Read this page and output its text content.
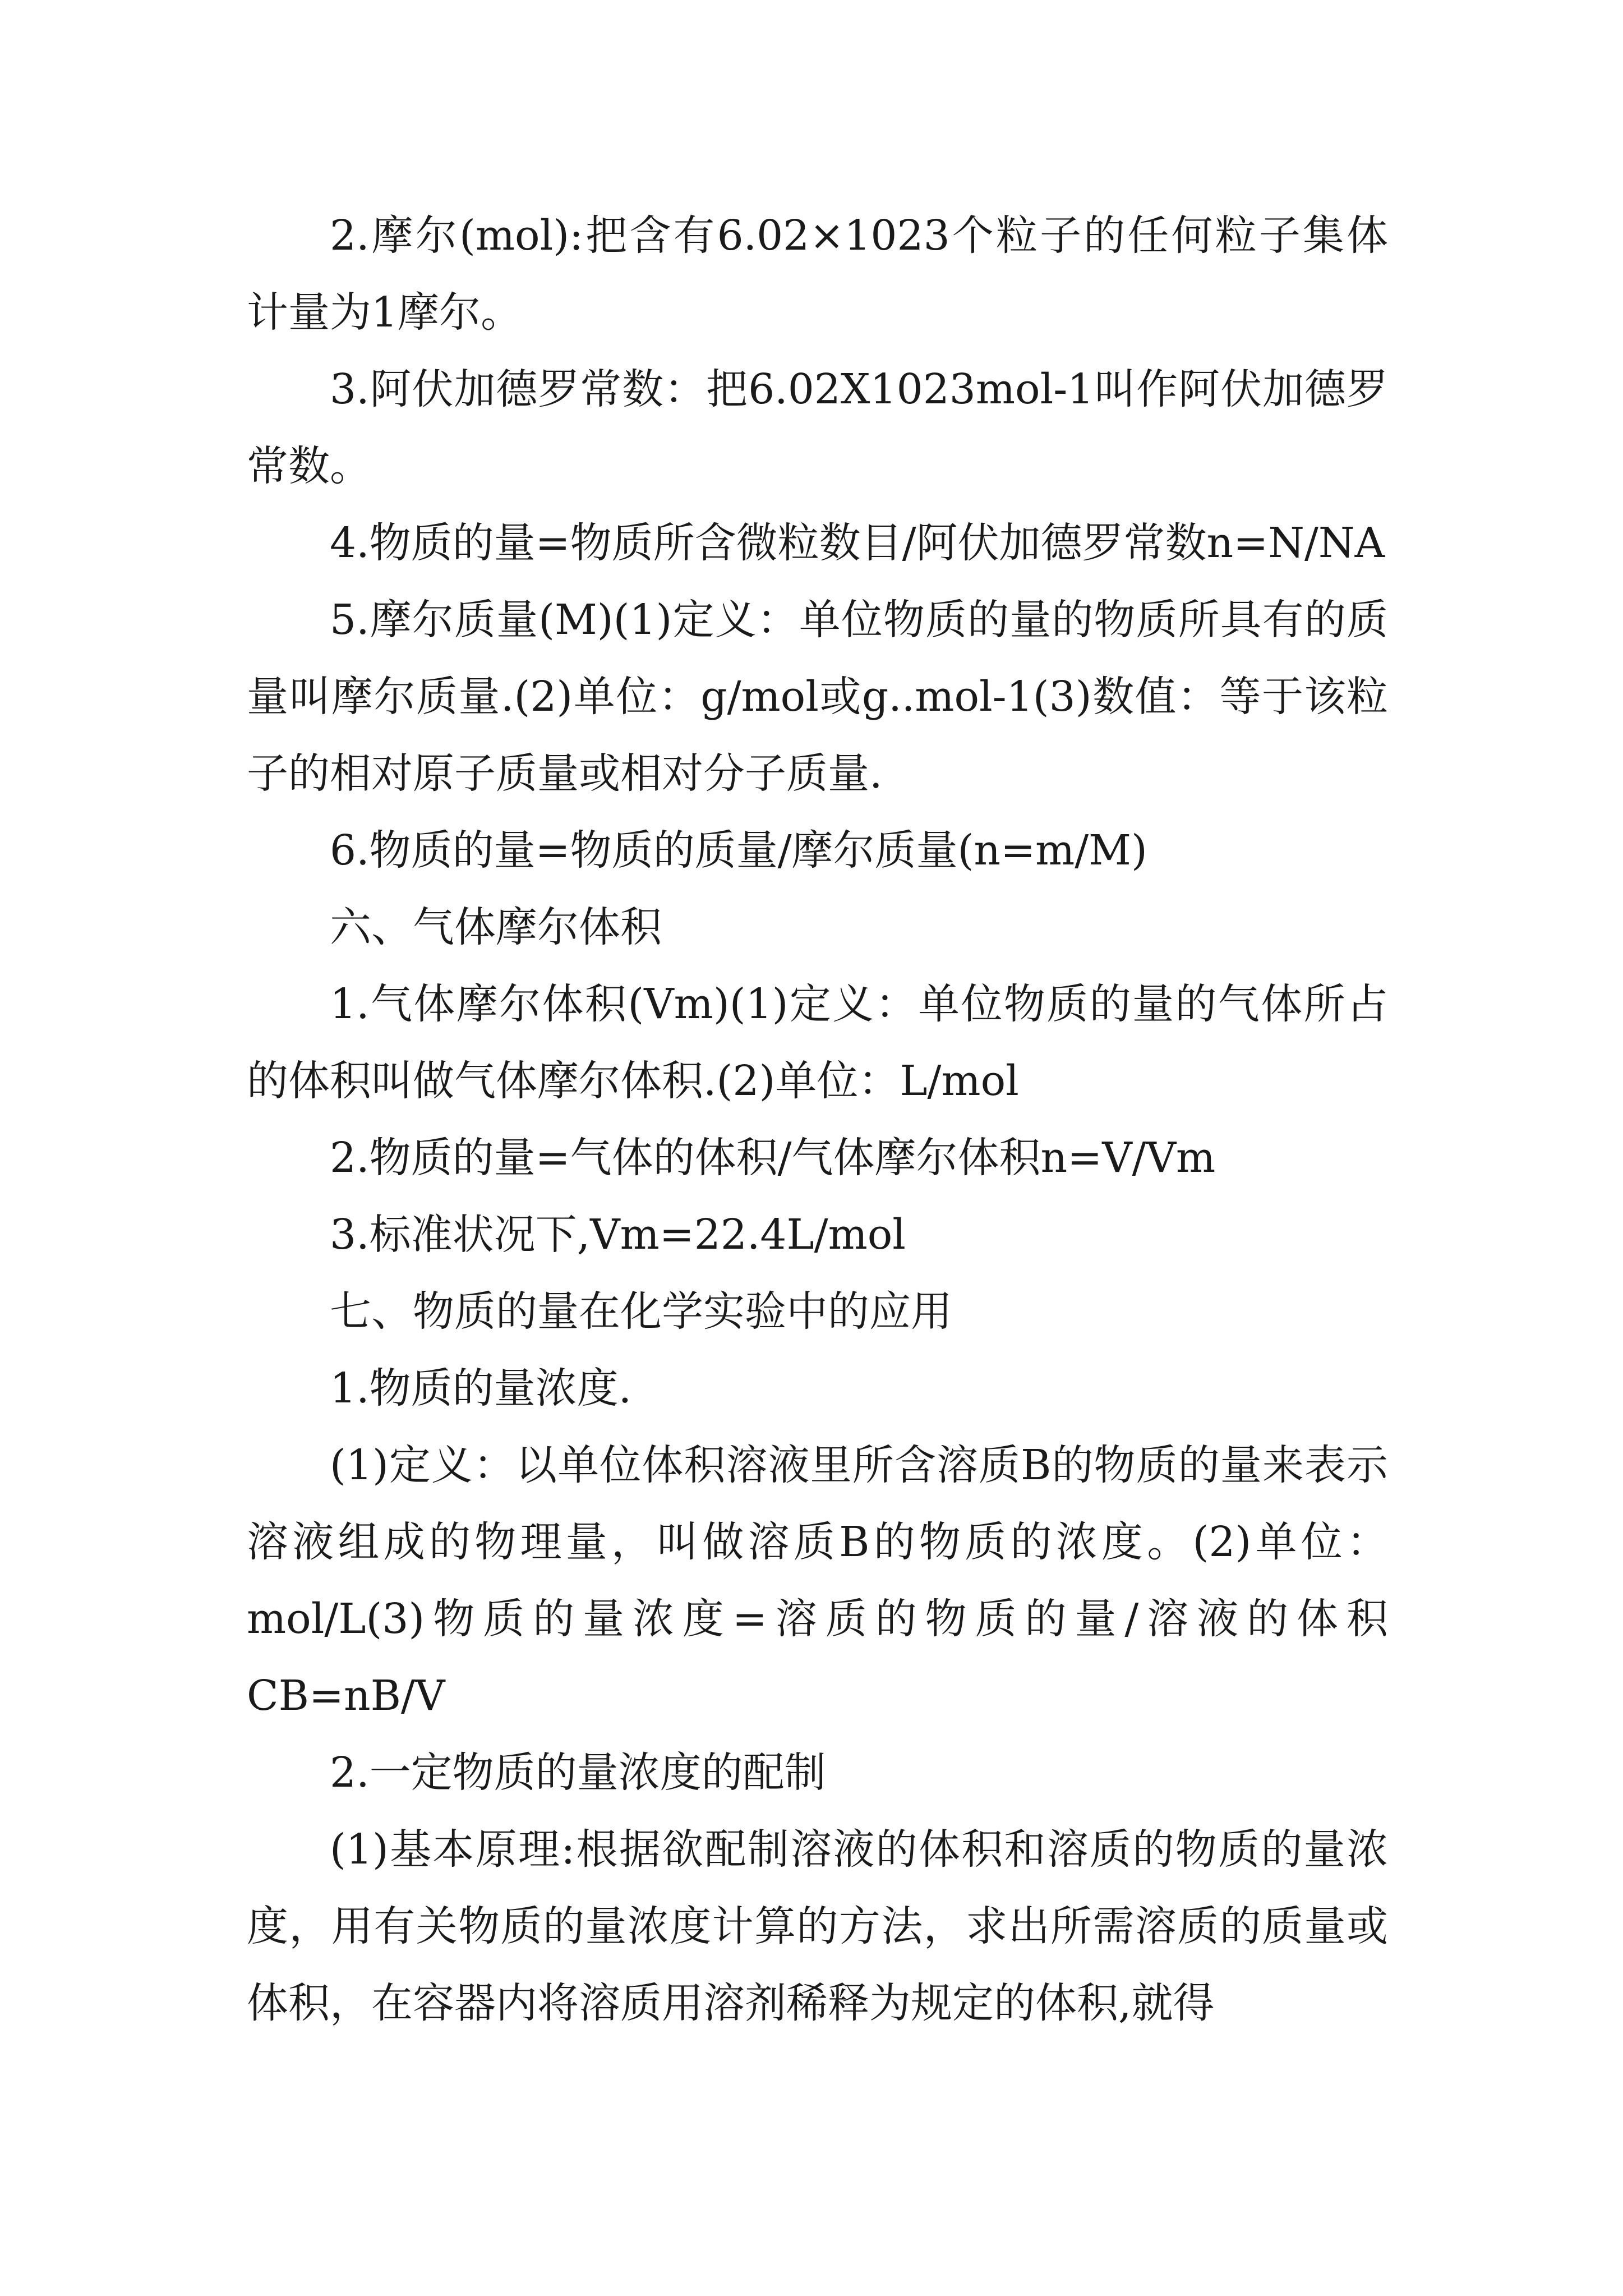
2.摩尔(mol):把含有6.02×1023个粒子的任何粒子集体计量为1摩尔。

3.阿伏加德罗常数：把6.02X1023mol-1叫作阿伏加德罗常数。

4.物质的量=物质所含微粒数目/阿伏加德罗常数n=N/NA

5.摩尔质量(M)(1)定义：单位物质的量的物质所具有的质量叫摩尔质量.(2)单位：g/mol或g..mol-1(3)数值：等于该粒子的相对原子质量或相对分子质量.

6.物质的量=物质的质量/摩尔质量(n=m/M)

六、气体摩尔体积

1.气体摩尔体积(Vm)(1)定义：单位物质的量的气体所占的体积叫做气体摩尔体积.(2)单位：L/mol

2.物质的量=气体的体积/气体摩尔体积n=V/Vm

3.标准状况下,Vm=22.4L/mol

七、物质的量在化学实验中的应用

1.物质的量浓度.

(1)定义：以单位体积溶液里所含溶质B的物质的量来表示溶液组成的物理量，叫做溶质B的物质的浓度。(2)单位：mol/L(3)物质的量浓度=溶质的物质的量/溶液的体积CB=nB/V

2.一定物质的量浓度的配制

(1)基本原理:根据欲配制溶液的体积和溶质的物质的量浓度，用有关物质的量浓度计算的方法，求出所需溶质的质量或体积，在容器内将溶质用溶剂稀释为规定的体积,就得
